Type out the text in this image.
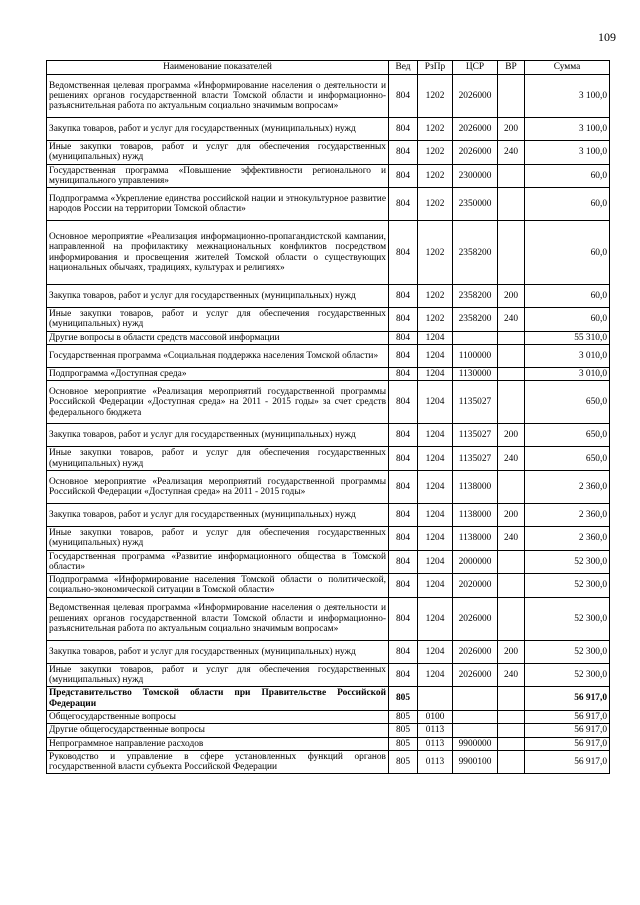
109
Наименование показателей	Вед	РзПр	ЦСР	ВР	Сумма
Ведомственная целевая программа «Информирование населения о деятельности и решениях органов государственной власти Томской области и информационно-разъяснительная работа по актуальным социально значимым вопросам»	804	1202	2026000		3 100,0
Закупка товаров, работ и услуг для государственных (муниципальных) нужд	804	1202	2026000	200	3 100,0
Иные закупки товаров, работ и услуг для обеспечения государственных (муниципальных) нужд	804	1202	2026000	240	3 100,0
Государственная программа «Повышение эффективности регионального и муниципального управления»	804	1202	2300000		60,0
Подпрограмма «Укрепление единства российской нации и этнокультурное развитие народов России на территории Томской области»	804	1202	2350000		60,0
Основное мероприятие «Реализация информационно-пропагандистской кампании, направленной на профилактику межнациональных конфликтов посредством информирования и просвещения жителей Томской области о существующих национальных обычаях, традициях, культурах и религиях»	804	1202	2358200		60,0
Закупка товаров, работ и услуг для государственных (муниципальных) нужд	804	1202	2358200	200	60,0
Иные закупки товаров, работ и услуг для обеспечения государственных (муниципальных) нужд	804	1202	2358200	240	60,0
Другие вопросы в области средств массовой информации	804	1204			55 310,0
Государственная программа «Социальная поддержка населения Томской области»	804	1204	1100000		3 010,0
Подпрограмма «Доступная среда»	804	1204	1130000		3 010,0
Основное мероприятие «Реализация мероприятий государственной программы Российской Федерации «Доступная среда» на 2011 - 2015 годы» за счет средств федерального бюджета	804	1204	1135027		650,0
Закупка товаров, работ и услуг для государственных (муниципальных) нужд	804	1204	1135027	200	650,0
Иные закупки товаров, работ и услуг для обеспечения государственных (муниципальных) нужд	804	1204	1135027	240	650,0
Основное мероприятие «Реализация мероприятий государственной программы Российской Федерации «Доступная среда» на 2011 - 2015 годы»	804	1204	1138000		2 360,0
Закупка товаров, работ и услуг для государственных (муниципальных) нужд	804	1204	1138000	200	2 360,0
Иные закупки товаров, работ и услуг для обеспечения государственных (муниципальных) нужд	804	1204	1138000	240	2 360,0
Государственная программа «Развитие информационного общества в Томской области»	804	1204	2000000		52 300,0
Подпрограмма «Информирование населения Томской области о политической, социально-экономической ситуации в Томской области»	804	1204	2020000		52 300,0
Ведомственная целевая программа «Информирование населения о деятельности и решениях органов государственной власти Томской области и информационно-разъяснительная работа по актуальным социально значимым вопросам»	804	1204	2026000		52 300,0
Закупка товаров, работ и услуг для государственных (муниципальных) нужд	804	1204	2026000	200	52 300,0
Иные закупки товаров, работ и услуг для обеспечения государственных (муниципальных) нужд	804	1204	2026000	240	52 300,0
Представительство Томской области при Правительстве Российской Федерации	805				56 917,0
Общегосударственные вопросы	805	0100			56 917,0
Другие общегосударственные вопросы	805	0113			56 917,0
Непрограммное направление расходов	805	0113	9900000		56 917,0
Руководство и управление в сфере установленных функций органов государственной власти субъекта Российской Федерации	805	0113	9900100		56 917,0
